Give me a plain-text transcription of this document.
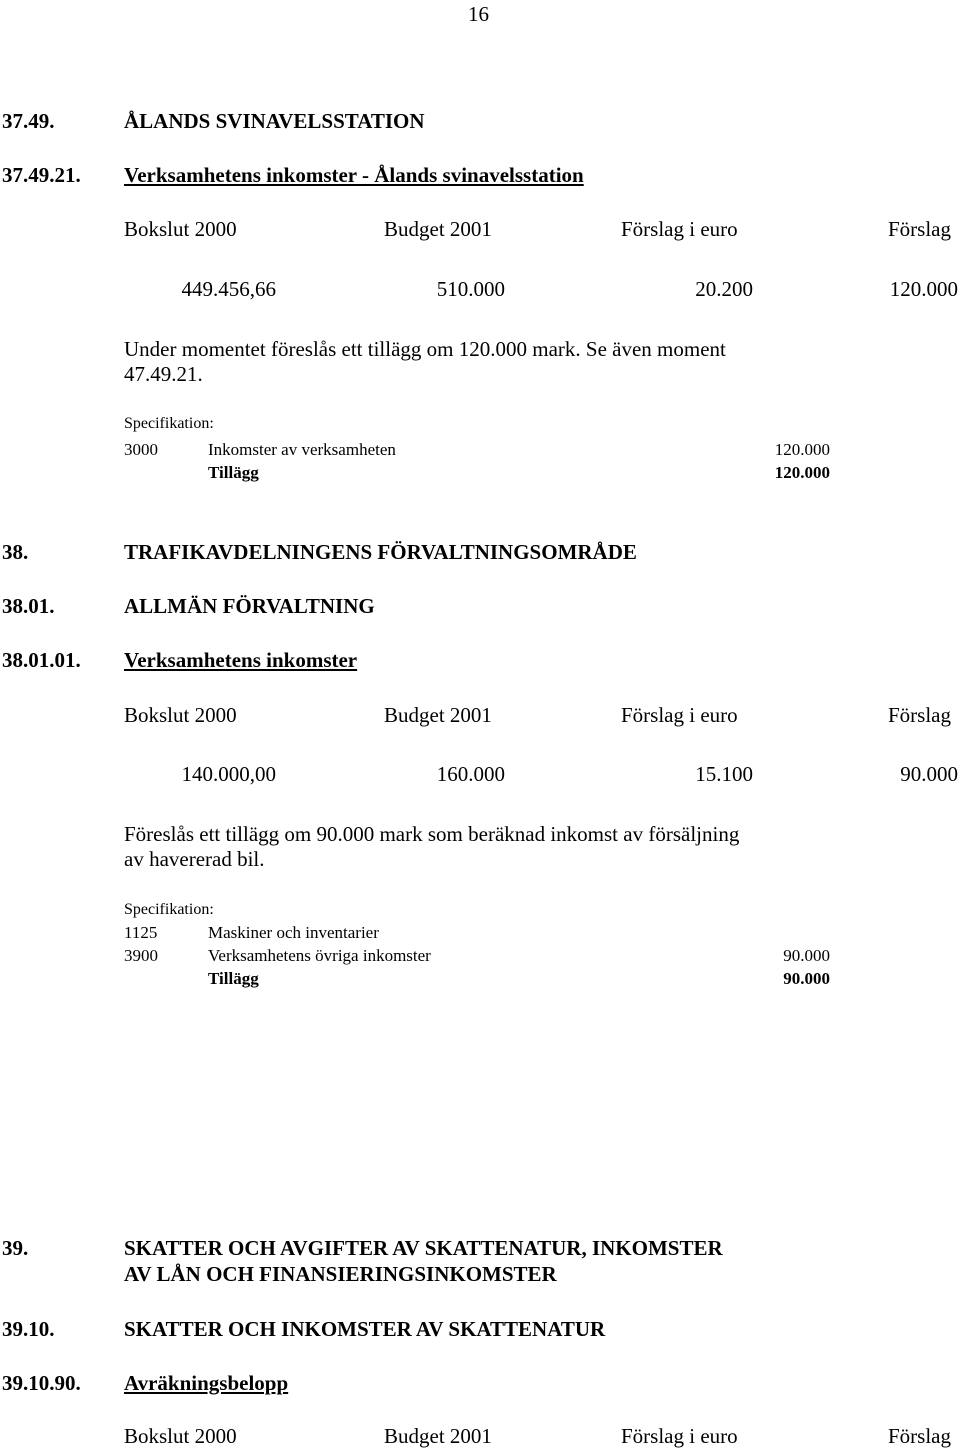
16
37.49.	ÅLANDS SVINAVELSSTATION
37.49.21. Verksamhetens inkomster - Ålands svinavelsstation
Bokslut 2000	Budget 2001	Förslag i euro	Förslag
449.456,66	510.000	20.200	120.000
Under momentet föreslås ett tillägg om 120.000 mark. Se även moment
47.49.21.
Specifikation:
3000	Inkomster av verksamheten	120.000
Tillägg	120.000
38.	TRAFIKAVDELNINGENS FÖRVALTNINGSOMRÅDE
38.01.	ALLMÄN FÖRVALTNING
38.01.01. Verksamhetens inkomster
Bokslut 2000	Budget 2001	Förslag i euro	Förslag
140.000,00	160.000	15.100	90.000
Föreslås ett tillägg om 90.000 mark som beräknad inkomst av försäljning
av havererad bil.
Specifikation:
1125	Maskiner och inventarier
3900	Verksamhetens övriga inkomster	90.000
Tillägg	90.000
39.	SKATTER OCH AVGIFTER AV SKATTENATUR, INKOMSTER
AV LÅN OCH FINANSIERINGSINKOMSTER
39.10.	SKATTER OCH INKOMSTER AV SKATTENATUR
39.10.90. Avräkningsbelopp
Bokslut 2000	Budget 2001	Förslag i euro	Förslag
